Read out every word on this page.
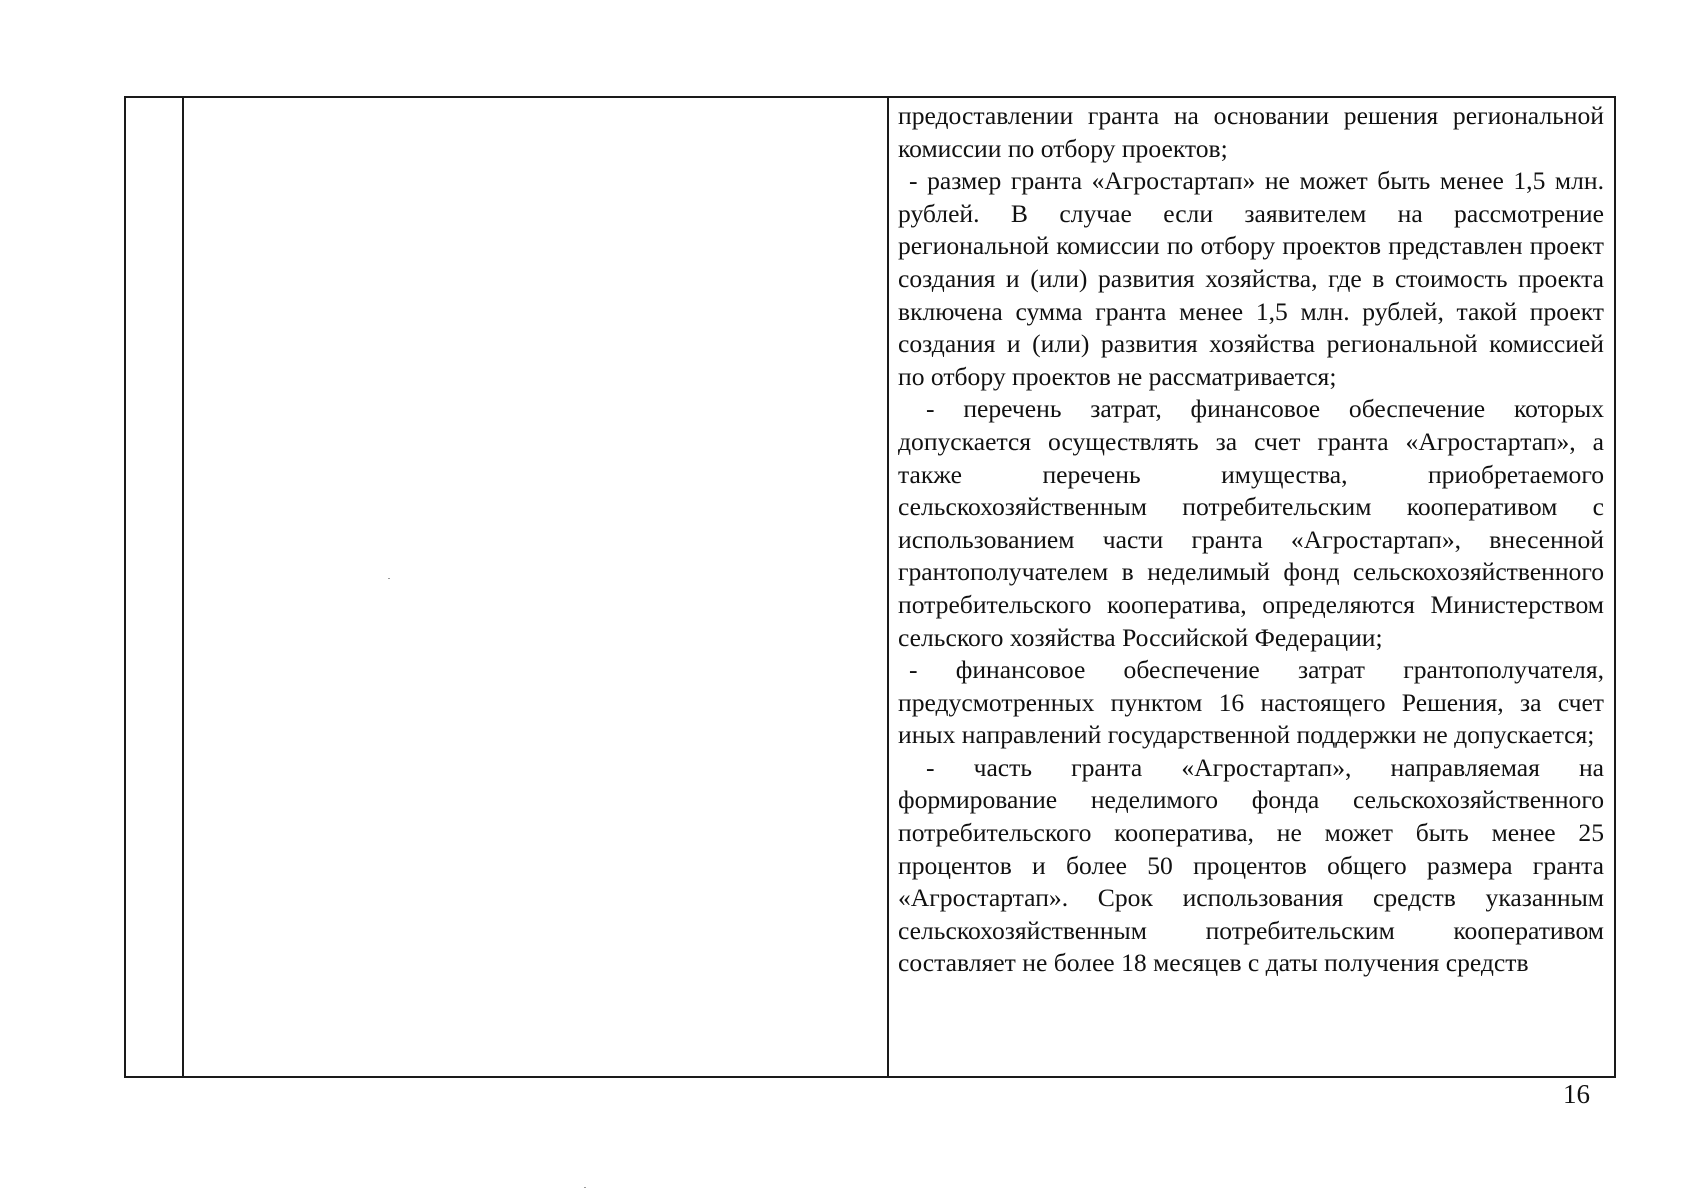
предоставлении гранта на основании решения региональной комиссии по отбору проектов;

- размер гранта «Агростартап» не может быть менее 1,5 млн. рублей. В случае если заявителем на рассмотрение региональной комиссии по отбору проектов представлен проект создания и (или) развития хозяйства, где в стоимость проекта включена сумма гранта менее 1,5 млн. рублей, такой проект создания и (или) развития хозяйства региональной комиссией по отбору проектов не рассматривается;

- перечень затрат, финансовое обеспечение которых допускается осуществлять за счет гранта «Агростартап», а также перечень имущества, приобретаемого сельскохозяйственным потребительским кооперативом с использованием части гранта «Агростартап», внесенной грантополучателем в неделимый фонд сельскохозяйственного потребительского кооператива, определяются Министерством сельского хозяйства Российской Федерации;

- финансовое обеспечение затрат грантополучателя, предусмотренных пунктом 16 настоящего Решения, за счет иных направлений государственной поддержки не допускается;

- часть гранта «Агростартап», направляемая на формирование неделимого фонда сельскохозяйственного потребительского кооператива, не может быть менее 25 процентов и более 50 процентов общего размера гранта «Агростартап». Срок использования средств указанным сельскохозяйственным потребительским кооперативом составляет не более 18 месяцев с даты получения средств

16
